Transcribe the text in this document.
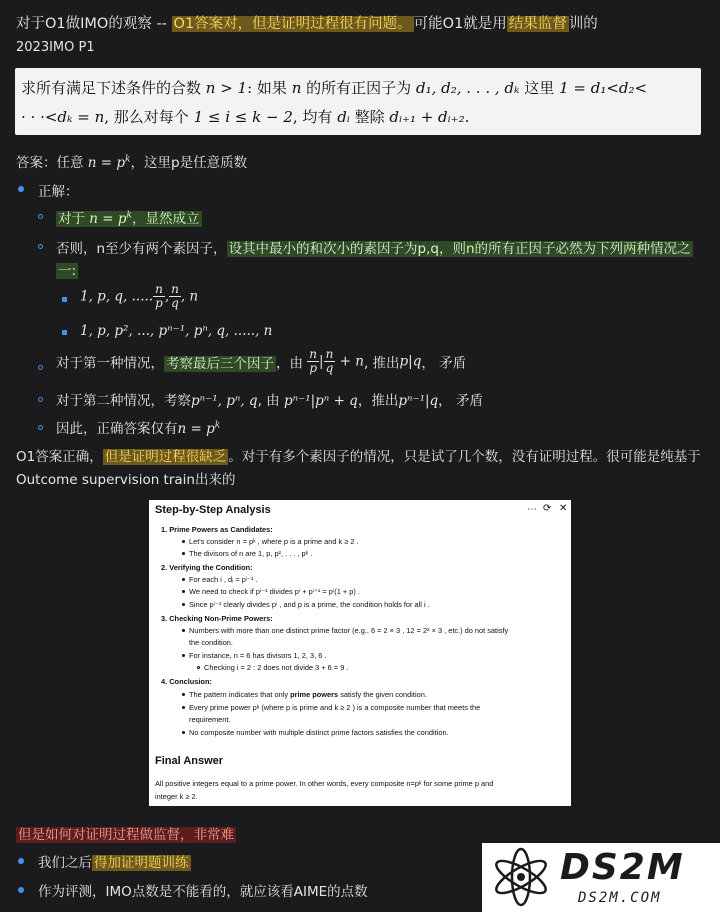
对于O1做IMO的观察 -- O1答案对，但是证明过程很有问题。 可能O1就是用 结果监督 训的
2023IMO P1
求所有满足下述条件的合数 n > 1: 如果 n 的所有正因子为 d₁, d₂, . . . , dₖ 这里 1 = d₁<d₂<
· · ·<dₖ = n, 那么对每个 1 ≤ i ≤ k − 2, 均有 dᵢ 整除 dᵢ₊₁ + dᵢ₊₂.
答案：任意 $n = p^k$，这里p是任意质数
正解：
对于 $n = p^k$，显然成立
否则，n至少有两个素因子， 设其中最小的和次小的素因子为p,q，则n的所有正因子必然为下列两种情况之
一:
1, p, q, ..... $\frac{n}{p}$ , $\frac{n}{q}$ , n
1, p, p², ..., pⁿ⁻¹, pⁿ, q, ....., n
对于第一种情况， 考察最后三个因子 ，由 $\frac{n}{p}$ | $\frac{n}{q} + n$, 推出p|q， 矛盾
对于第二种情况，考察pⁿ⁻¹, pⁿ, q, 由 pⁿ⁻¹|pⁿ + q，推出pⁿ⁻¹|q， 矛盾
因此，正确答案仅有$n = p^k$
O1答案正确， 但是证明过程很缺乏 。对于有多个素因子的情况，只是试了几个数，没有证明过程。很可能是纯基于
Outcome supervision train出来的
Step-by-Step Analysis	⋯ ⟳ ✕
1. Prime Powers as Candidates:
Let's consider n = pᵏ , where p is a prime and k ≥ 2 .
The divisors of n are 1, p, p², . . . , pᵏ .
2. Verifying the Condition:
For each i , dᵢ = pⁱ⁻¹ .
We need to check if pⁱ⁻¹ divides pⁱ + pⁱ⁺¹ = pⁱ(1 + p) .
Since pⁱ⁻¹ clearly divides pⁱ , and p is a prime, the condition holds for all i .
3. Checking Non-Prime Powers:
Numbers with more than one distinct prime factor (e.g., 6 = 2 × 3 , 12 = 2² × 3 , etc.) do not satisfy
the condition.
For instance, n = 6 has divisors 1, 2, 3, 6 .
Checking i = 2 : 2 does not divide 3 + 6 = 9 .
4. Conclusion:
The pattern indicates that only prime powers satisfy the given condition.
Every prime power pᵏ (where p is prime and k ≥ 2 ) is a composite number that meets the
requirement.
No composite number with multiple distinct prime factors satisfies the condition.
Final Answer
All positive integers equal to a prime power. In other words, every composite n=pᵏ for some prime p and
integer k ≥ 2.
但是如何对证明过程做监督，非常难
我们之后 得加证明题训练
作为评测，IMO点数是不能看的，就应该看AIME的点数
DS2M
DS2M.COM
